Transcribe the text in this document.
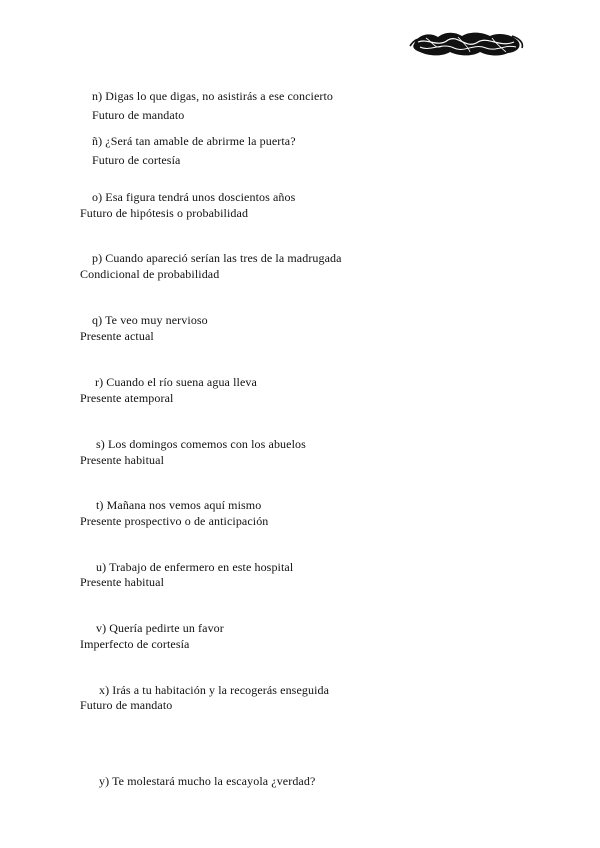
n) Digas lo que digas, no asistirás a ese concierto
Futuro de mandato
ñ) ¿Será tan amable de abrirme la puerta?
Futuro de cortesía
o) Esa figura tendrá unos doscientos años
Futuro de hipótesis o probabilidad
p) Cuando apareció serían las tres de la madrugada
Condicional de probabilidad
q) Te veo muy nervioso
Presente actual
r) Cuando el río suena agua lleva
Presente atemporal
s) Los domingos comemos con los abuelos
Presente habitual
t) Mañana nos vemos aquí mismo
Presente prospectivo o de anticipación
u) Trabajo de enfermero en este hospital
Presente habitual
v) Quería pedirte un favor
Imperfecto de cortesía
x) Irás a tu habitación y la recogerás enseguida
Futuro de mandato
y) Te molestará mucho la escayola ¿verdad?
